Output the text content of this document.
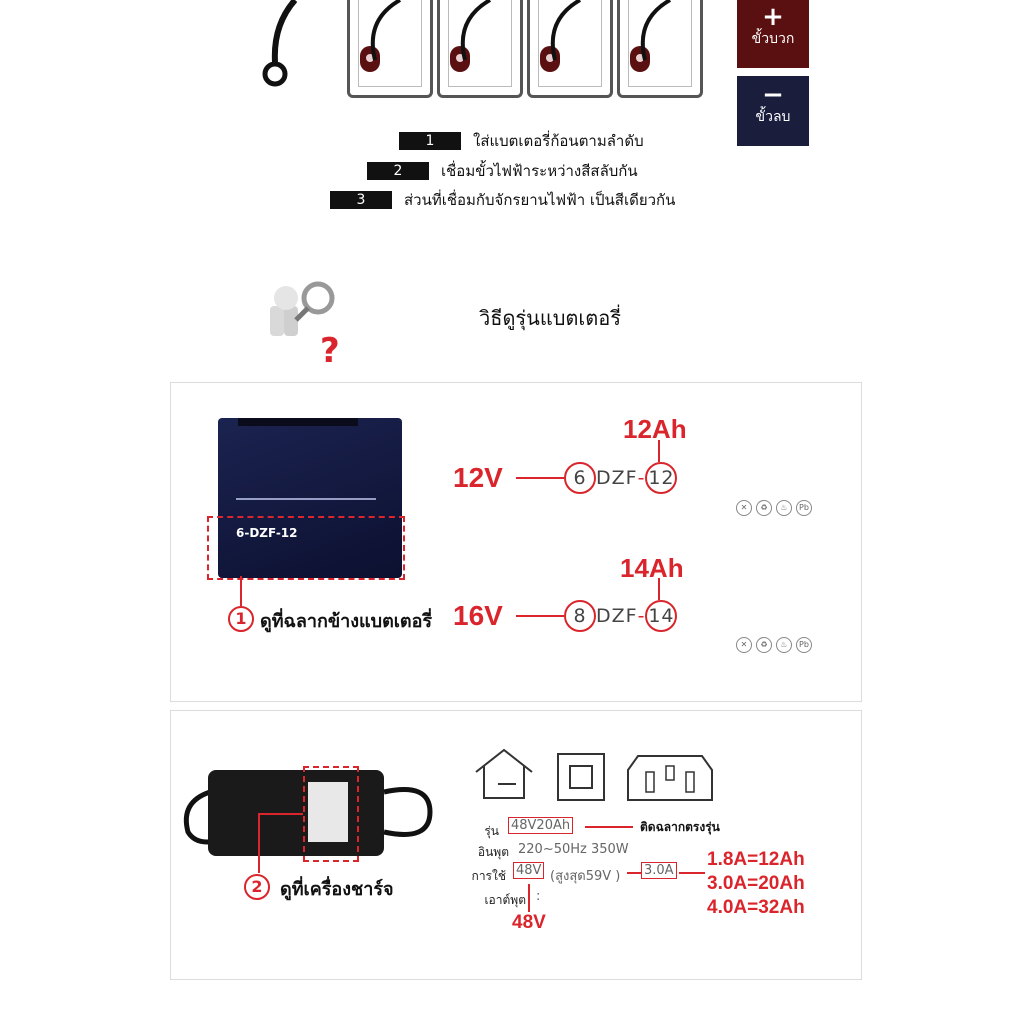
+
ขั้วบวก
−
ขั้วลบ
1	ใส่แบตเตอรี่ก้อนตามลำดับ
2	เชื่อมขั้วไฟฟ้าระหว่างสีสลับกัน
3	ส่วนที่เชื่อมกับจักรยานไฟฟ้า เป็นสีเดียวกัน
?
วิธีดูรุ่นแบตเตอรี่
6-DZF-12
1 ดูที่ฉลากข้างแบตเตอรี่
12V	6 DZF- 12
12Ah
✕	♻	♨	Pb
16V	8 DZF- 14
14Ah
✕	♻	♨	Pb
2 ดูที่เครื่องชาร์จ
รุ่น 48V20Ah	ติดฉลากตรงรุ่น
อินพุต 220~50Hz 350W
การใช้ 48V (สูงสุด59V ) 3.0A
เอาต์พุต :
48V
1.8A=12Ah
3.0A=20Ah
4.0A=32Ah
